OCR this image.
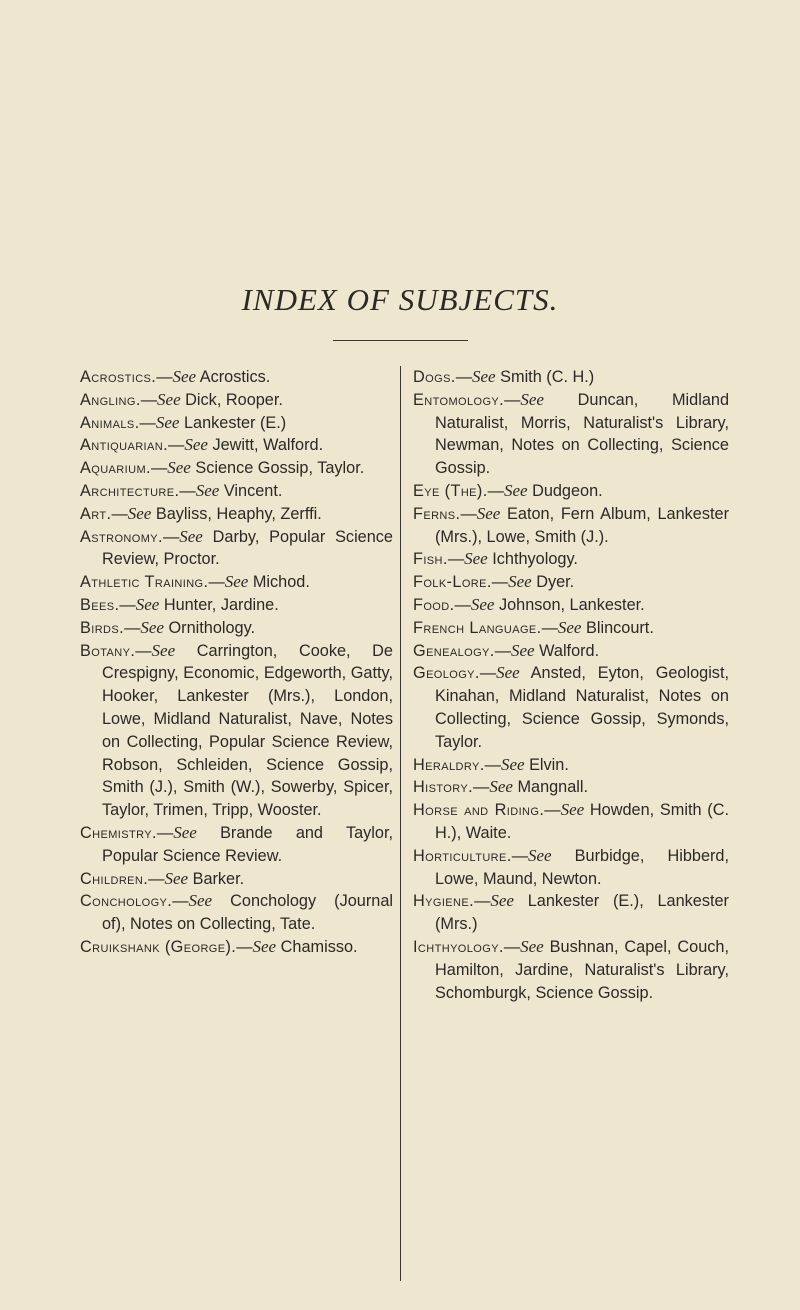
INDEX OF SUBJECTS.
Acrostics.—See Acrostics.
Angling.—See Dick, Rooper.
Animals.—See Lankester (E.)
Antiquarian.—See Jewitt, Walford.
Aquarium.—See Science Gossip, Taylor.
Architecture.—See Vincent.
Art.—See Bayliss, Heaphy, Zerffi.
Astronomy.—See Darby, Popular Science Review, Proctor.
Athletic Training.—See Michod.
Bees.—See Hunter, Jardine.
Birds.—See Ornithology.
Botany.—See Carrington, Cooke, De Crespigny, Economic, Edgeworth, Gatty, Hooker, Lankester (Mrs.), London, Lowe, Midland Naturalist, Nave, Notes on Collecting, Popular Science Review, Robson, Schleiden, Science Gossip, Smith (J.), Smith (W.), Sowerby, Spicer, Taylor, Trimen, Tripp, Wooster.
Chemistry.—See Brande and Taylor, Popular Science Review.
Children.—See Barker.
Conchology.—See Conchology (Journal of), Notes on Collecting, Tate.
Cruikshank (George).—See Chamisso.
Dogs.—See Smith (C. H.)
Entomology.—See Duncan, Midland Naturalist, Morris, Naturalist's Library, Newman, Notes on Collecting, Science Gossip.
Eye (The).—See Dudgeon.
Ferns.—See Eaton, Fern Album, Lankester (Mrs.), Lowe, Smith (J.).
Fish.—See Ichthyology.
Folk-Lore.—See Dyer.
Food.—See Johnson, Lankester.
French Language.—See Blincourt.
Genealogy.—See Walford.
Geology.—See Ansted, Eyton, Geologist, Kinahan, Midland Naturalist, Notes on Collecting, Science Gossip, Symonds, Taylor.
Heraldry.—See Elvin.
History.—See Mangnall.
Horse and Riding.—See Howden, Smith (C. H.), Waite.
Horticulture.—See Burbidge, Hibberd, Lowe, Maund, Newton.
Hygiene.—See Lankester (E.), Lankester (Mrs.)
Ichthyology.—See Bushnan, Capel, Couch, Hamilton, Jardine, Naturalist's Library, Schomburgk, Science Gossip.
